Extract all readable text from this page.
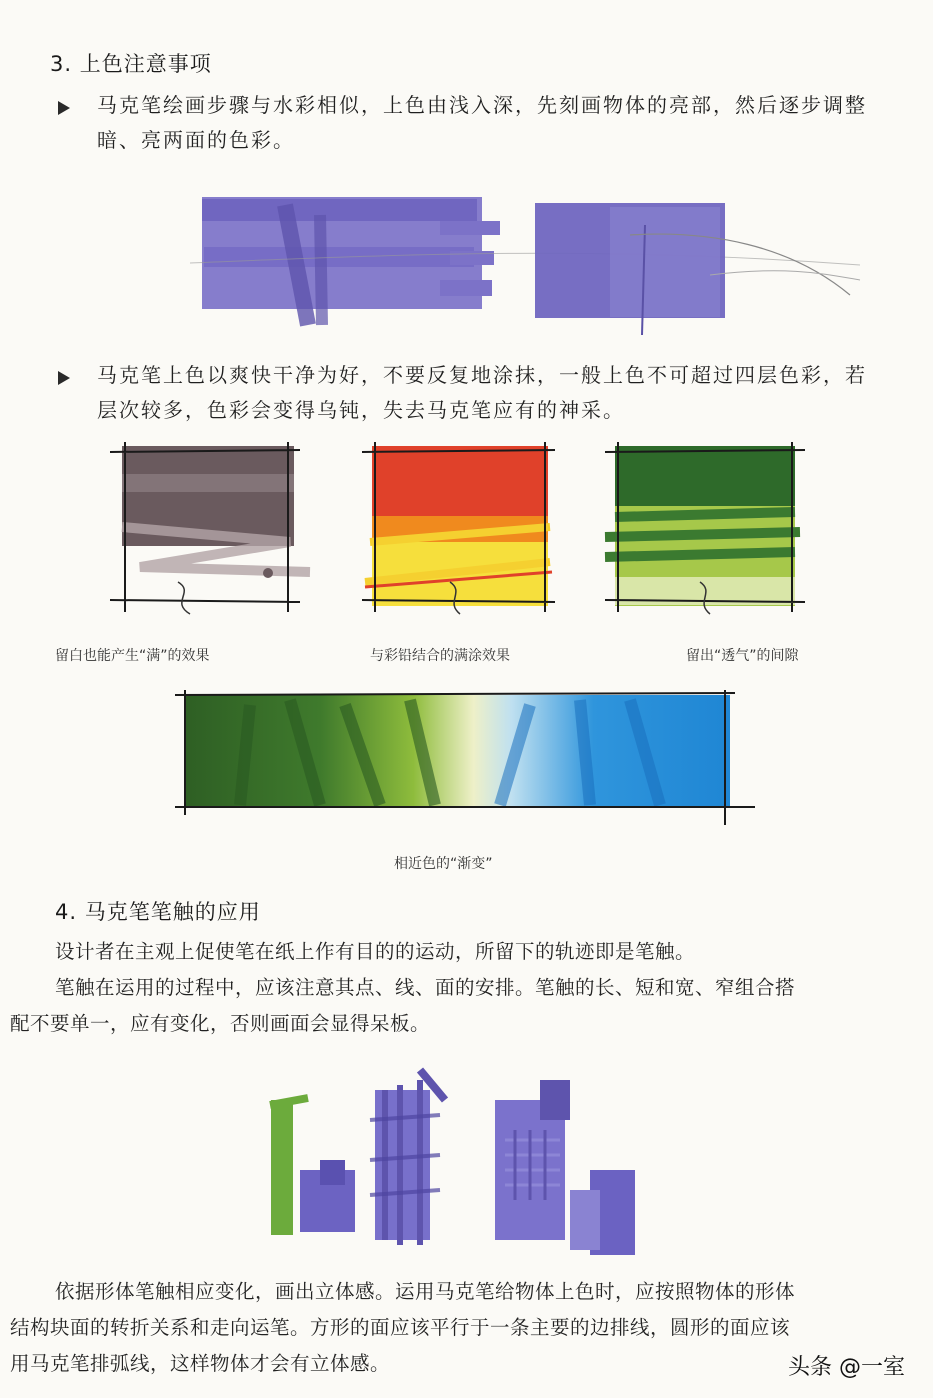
3. 上色注意事项
马克笔绘画步骤与水彩相似，上色由浅入深，先刻画物体的亮部，然后逐步调整
暗、亮两面的色彩。
马克笔上色以爽快干净为好，不要反复地涂抹，一般上色不可超过四层色彩，若
层次较多，色彩会变得乌钝，失去马克笔应有的神采。
留白也能产生“满”的效果	与彩铅结合的满涂效果	留出“透气”的间隙
相近色的“渐变”
4. 马克笔笔触的应用
设计者在主观上促使笔在纸上作有目的的运动，所留下的轨迹即是笔触。
笔触在运用的过程中，应该注意其点、线、面的安排。笔触的长、短和宽、窄组合搭
配不要单一，应有变化，否则画面会显得呆板。
依据形体笔触相应变化，画出立体感。运用马克笔给物体上色时，应按照物体的形体
结构块面的转折关系和走向运笔。方形的面应该平行于一条主要的边排线，圆形的面应该
用马克笔排弧线，这样物体才会有立体感。	头条 @一室
